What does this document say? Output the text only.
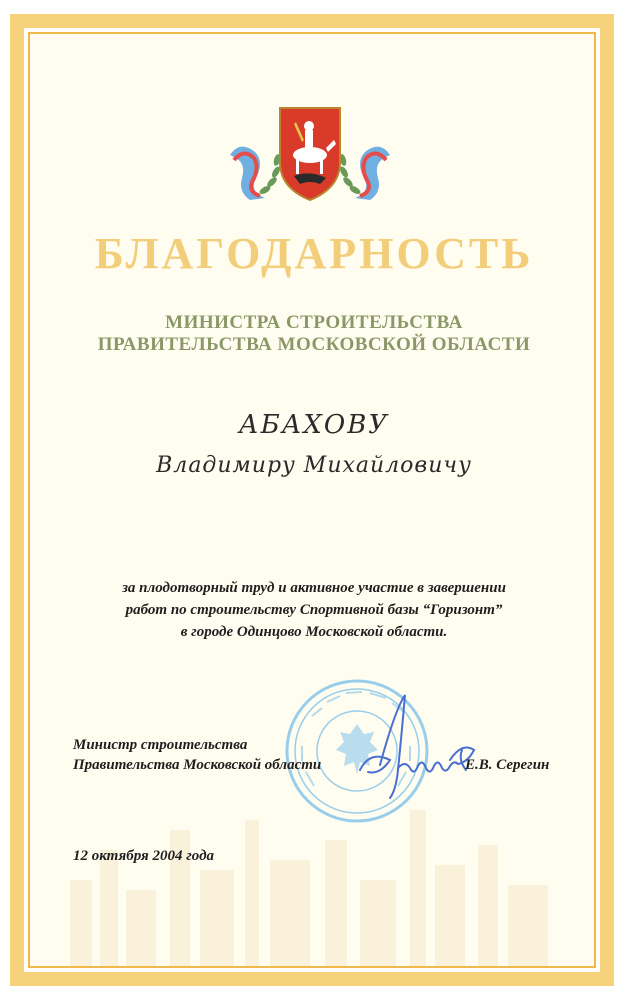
БЛАГОДАРНОСТЬ
МИНИСТРА СТРОИТЕЛЬСТВА
ПРАВИТЕЛЬСТВА МОСКОВСКОЙ ОБЛАСТИ
АБАХОВУ
Владимиру Михайловичу
за плодотворный труд и активное участие в завершении
работ по строительству Спортивной базы “Горизонт”
в городе Одинцово Московской области.
Министр строительства
Правительства Московской области	Е.В. Серегин
12 октября 2004 года
